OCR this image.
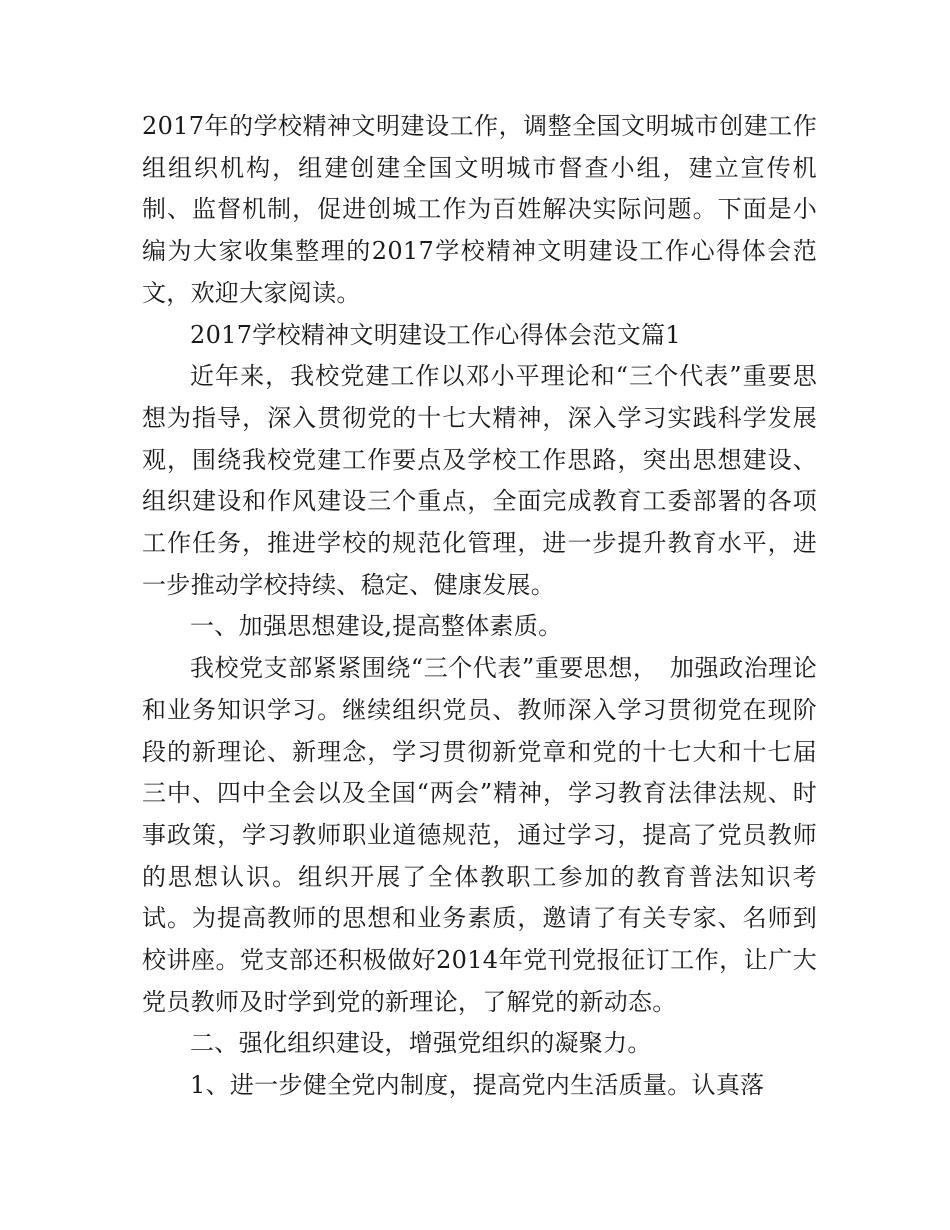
2017年的学校精神文明建设工作，调整全国文明城市创建工作组组织机构，组建创建全国文明城市督查小组，建立宣传机制、监督机制，促进创城工作为百姓解决实际问题。下面是小编为大家收集整理的2017学校精神文明建设工作心得体会范文，欢迎大家阅读。

2017学校精神文明建设工作心得体会范文篇1

近年来，我校党建工作以邓小平理论和“三个代表”重要思想为指导，深入贯彻党的十七大精神，深入学习实践科学发展观，围绕我校党建工作要点及学校工作思路，突出思想建设、组织建设和作风建设三个重点，全面完成教育工委部署的各项工作任务，推进学校的规范化管理，进一步提升教育水平，进一步推动学校持续、稳定、健康发展。

一、加强思想建设,提高整体素质。

我校党支部紧紧围绕“三个代表”重要思想，　加强政治理论和业务知识学习。继续组织党员、教师深入学习贯彻党在现阶段的新理论、新理念，学习贯彻新党章和党的十七大和十七届三中、四中全会以及全国“两会”精神，学习教育法律法规、时事政策，学习教师职业道德规范，通过学习，提高了党员教师的思想认识。组织开展了全体教职工参加的教育普法知识考试。为提高教师的思想和业务素质，邀请了有关专家、名师到校讲座。党支部还积极做好2014年党刊党报征订工作，让广大党员教师及时学到党的新理论，了解党的新动态。

二、强化组织建设，增强党组织的凝聚力。

1、进一步健全党内制度，提高党内生活质量。认真落
